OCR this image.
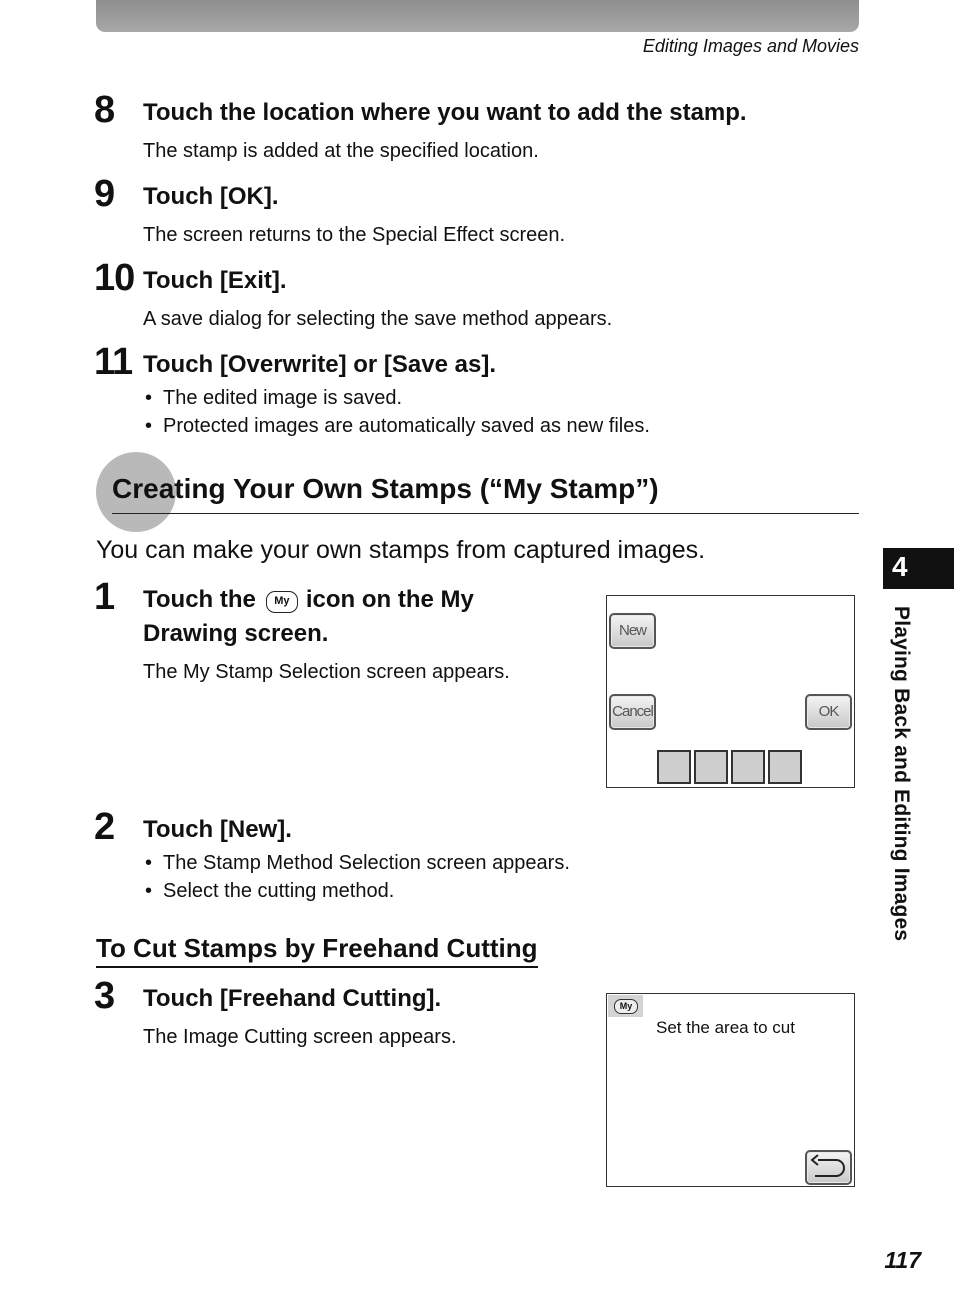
Editing Images and Movies
8 Touch the location where you want to add the stamp.
The stamp is added at the specified location.
9 Touch [OK].
The screen returns to the Special Effect screen.
10 Touch [Exit].
A save dialog for selecting the save method appears.
11 Touch [Overwrite] or [Save as].
• The edited image is saved.
• Protected images are automatically saved as new files.
Creating Your Own Stamps (“My Stamp”)
You can make your own stamps from captured images.
1 Touch the My icon on the My
Drawing screen.
The My Stamp Selection screen appears.
New
Cancel	OK
2 Touch [New].
• The Stamp Method Selection screen appears.
• Select the cutting method.
To Cut Stamps by Freehand Cutting
3 Touch [Freehand Cutting].
The Image Cutting screen appears.
My
Set the area to cut
4
Playing Back and Editing Images
117
